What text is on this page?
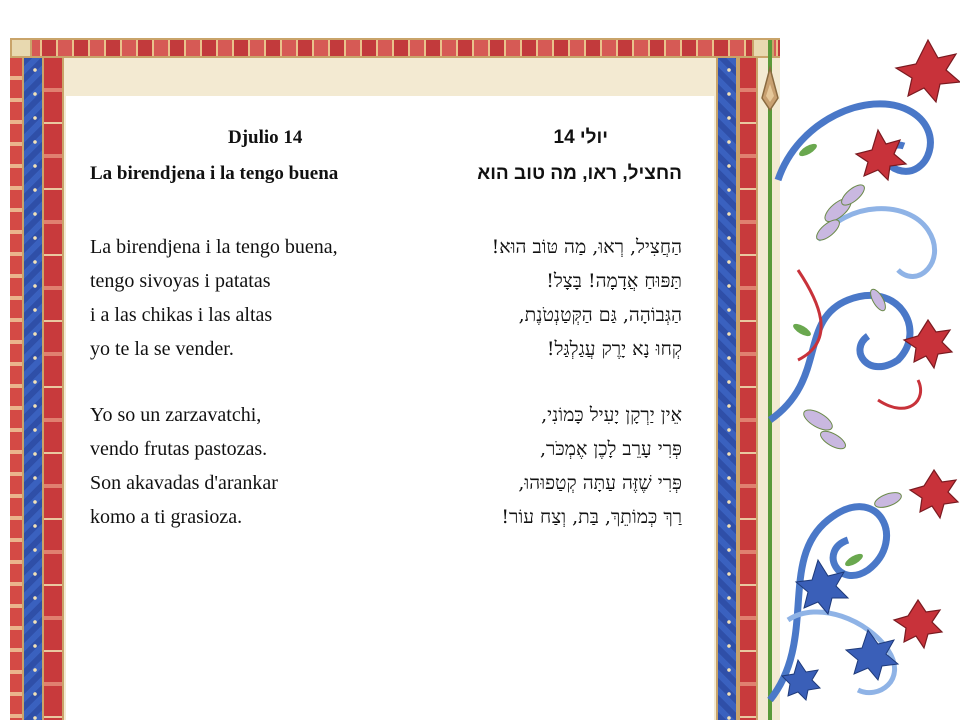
Djulio 14
La birendjena i la tengo buena
La birendjena i la tengo buena,
tengo sivoyas i patatas
i a las chikas i las altas
yo te la se vender.
Yo so un zarzavatchi,
vendo frutas pastozas.
Son akavadas d'arankar
komo a ti grasioza.
יולי 14
החציל, ראו, מה טוב הוא
הַחֲצִיל, רְאוּ, מַה טּוֹב הוּא!
תַּפּוּחַ אֲדָמָה! בָּצָל!
הַגְּבוֹהָה, גַּם הַקְּטַנְטֹנֶת,
קְחוּ נָא יָרֶק עֲגַלְגַּל!
אֵין יַרְקָן יָעִיל כָּמוֹנִי,
פְּרִי עָרֵב לָכֶן אֶמְכֹּר,
פְּרִי שֶׁזֶּה עַתָּה קְטַפוּהוּ,
רַךְ כְּמוֹתֵךְ, בַּת, וְצַח עוֹר!
